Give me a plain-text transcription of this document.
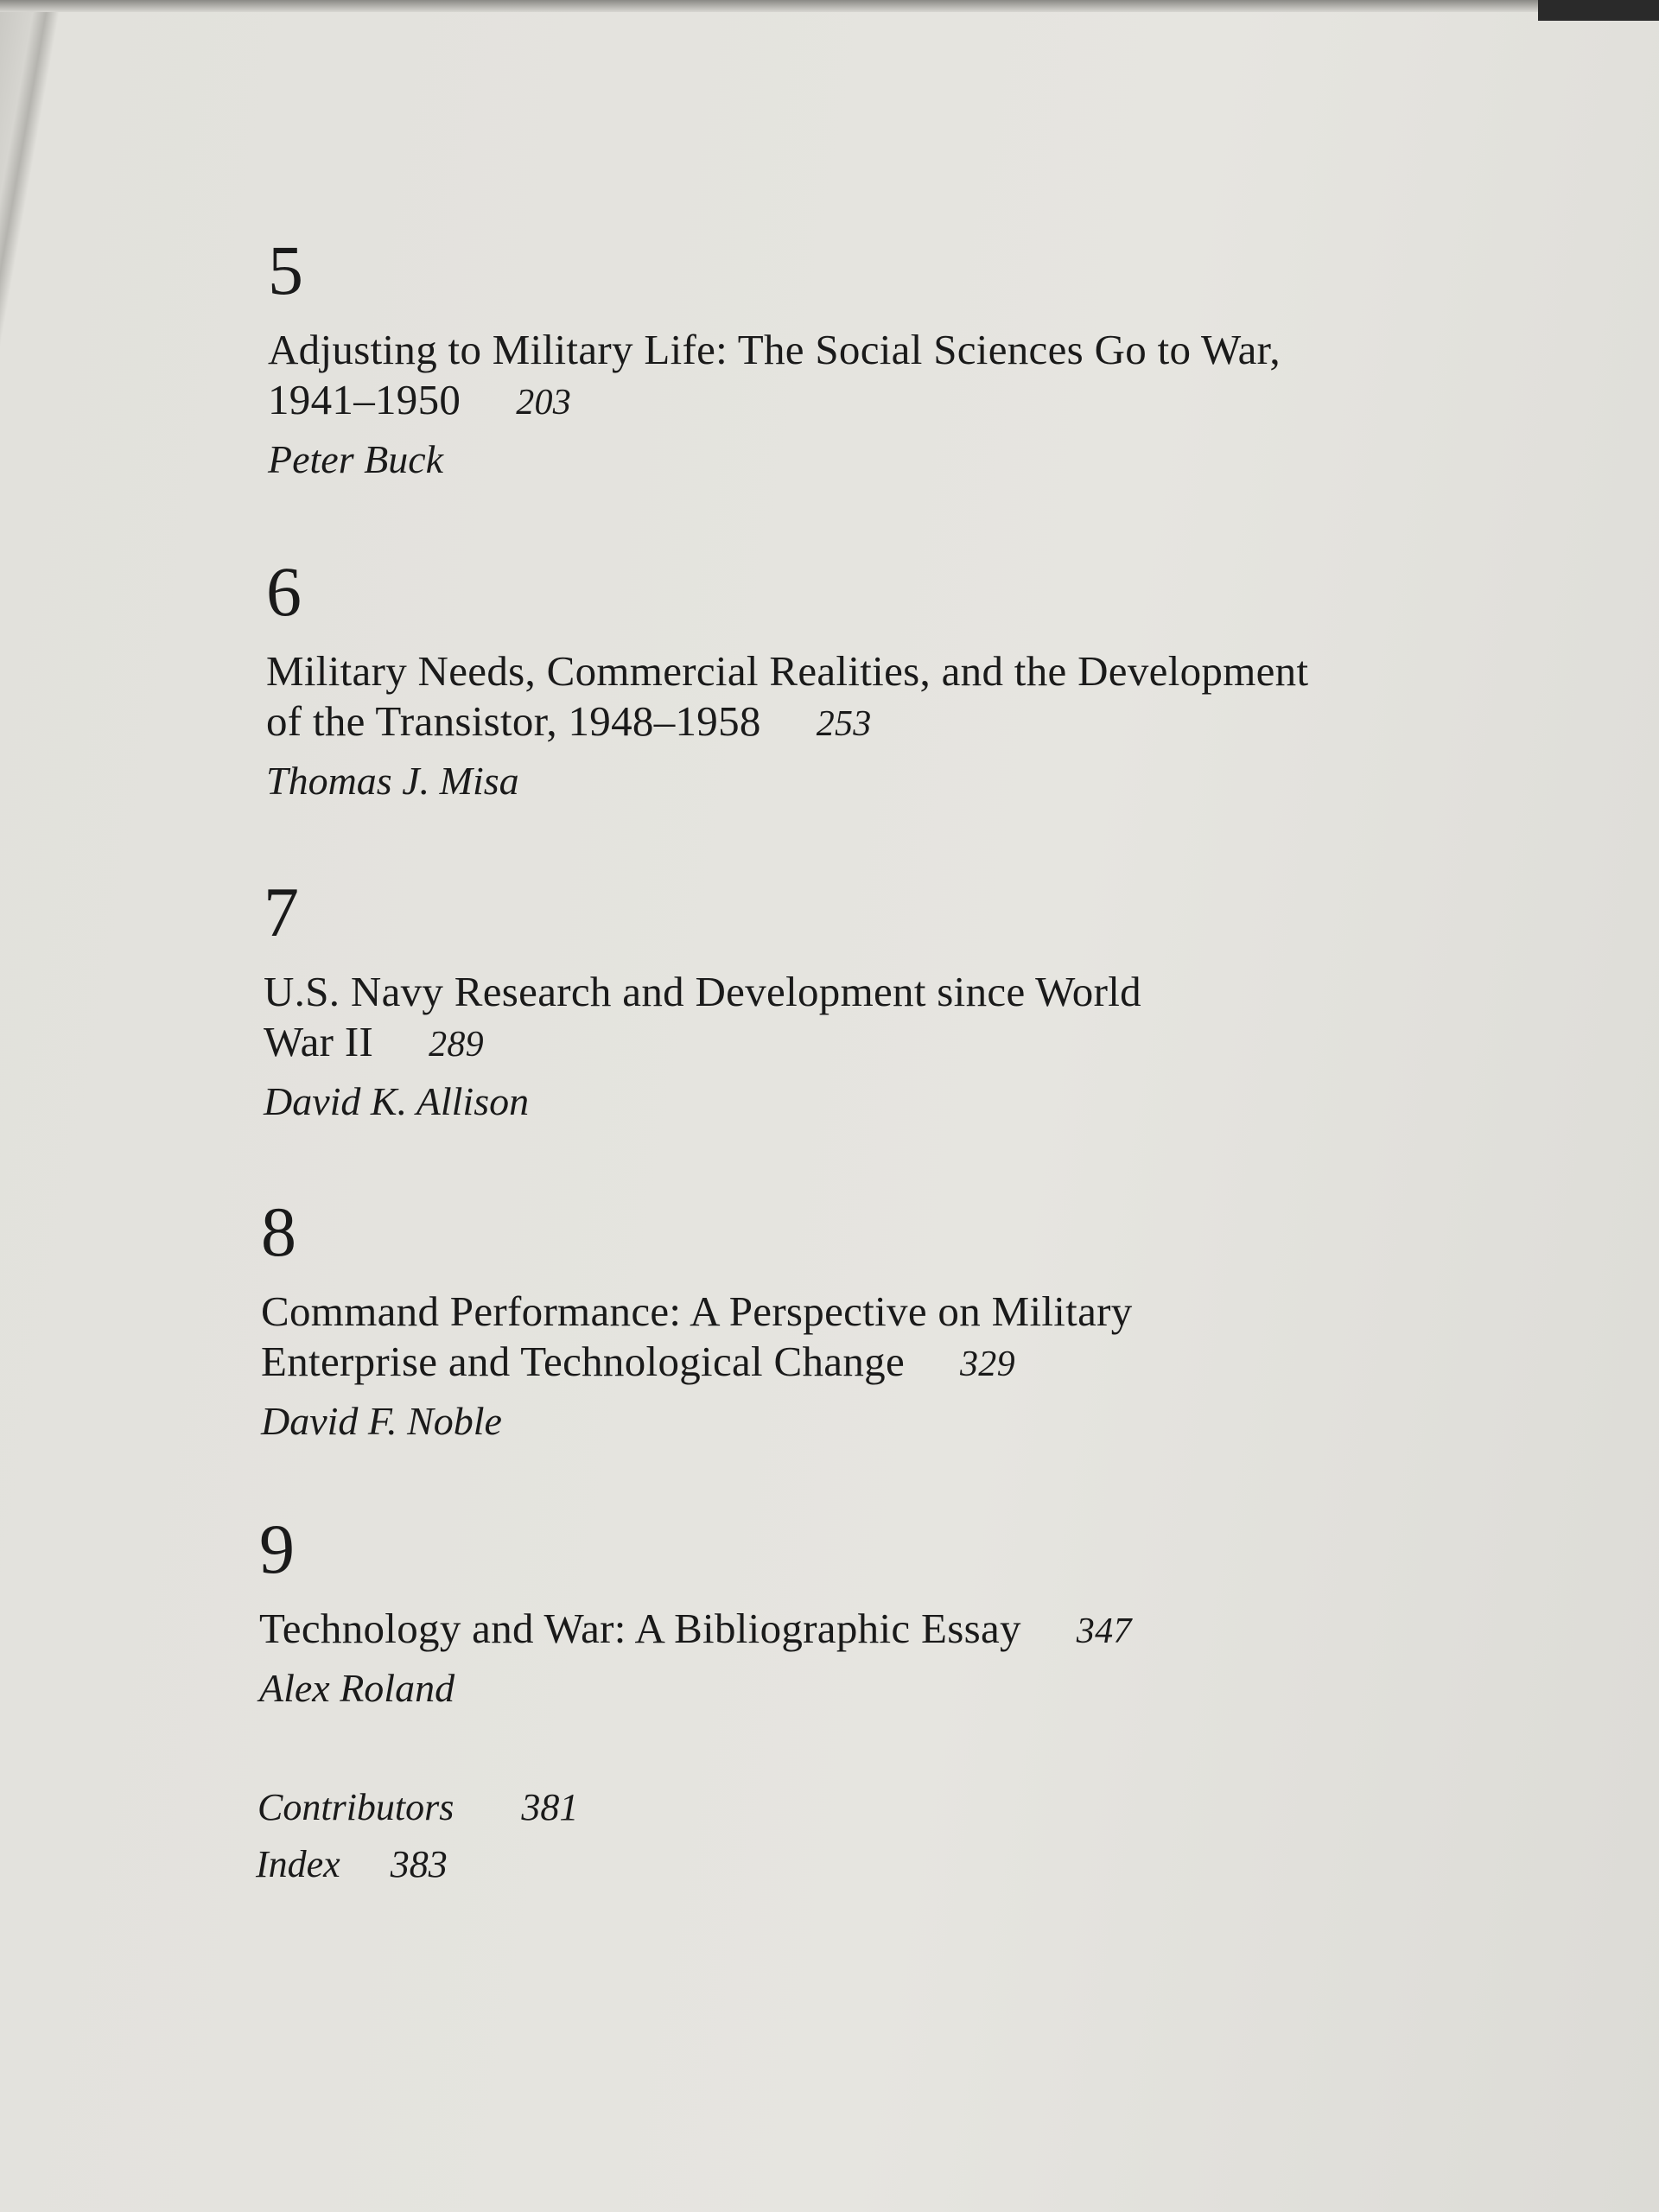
5
Adjusting to Military Life: The Social Sciences Go to War,
1941–1950 203
Peter Buck
6
Military Needs, Commercial Realities, and the Development
of the Transistor, 1948–1958 253
Thomas J. Misa
7
U.S. Navy Research and Development since World
War II 289
David K. Allison
8
Command Performance: A Perspective on Military
Enterprise and Technological Change 329
David F. Noble
9
Technology and War: A Bibliographic Essay 347
Alex Roland
Contributors 381
Index 383
